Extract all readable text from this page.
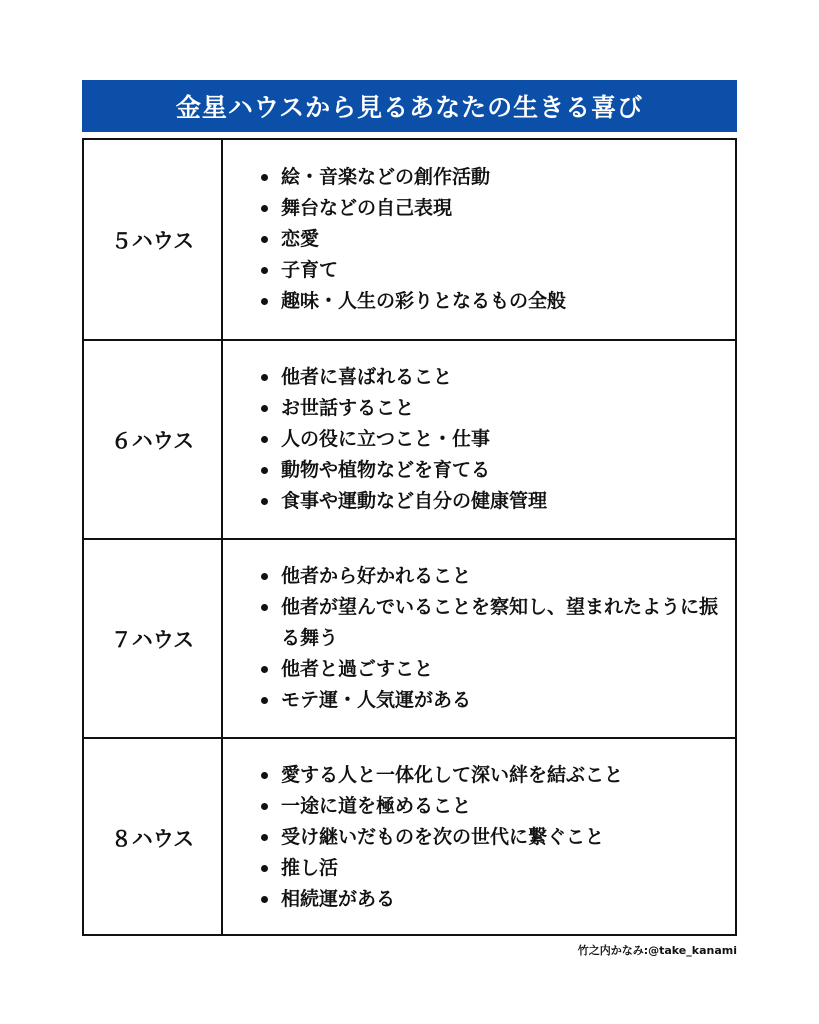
金星ハウスから見るあなたの生きる喜び
５ハウス
絵・音楽などの創作活動
舞台などの自己表現
恋愛
子育て
趣味・人生の彩りとなるもの全般
６ハウス
他者に喜ばれること
お世話すること
人の役に立つこと・仕事
動物や植物などを育てる
食事や運動など自分の健康管理
７ハウス
他者から好かれること
他者が望んでいることを察知し、望まれたように振る舞う
他者と過ごすこと
モテ運・人気運がある
８ハウス
愛する人と一体化して深い絆を結ぶこと
一途に道を極めること
受け継いだものを次の世代に繋ぐこと
推し活
相続運がある
竹之内かなみ:@take_kanami
